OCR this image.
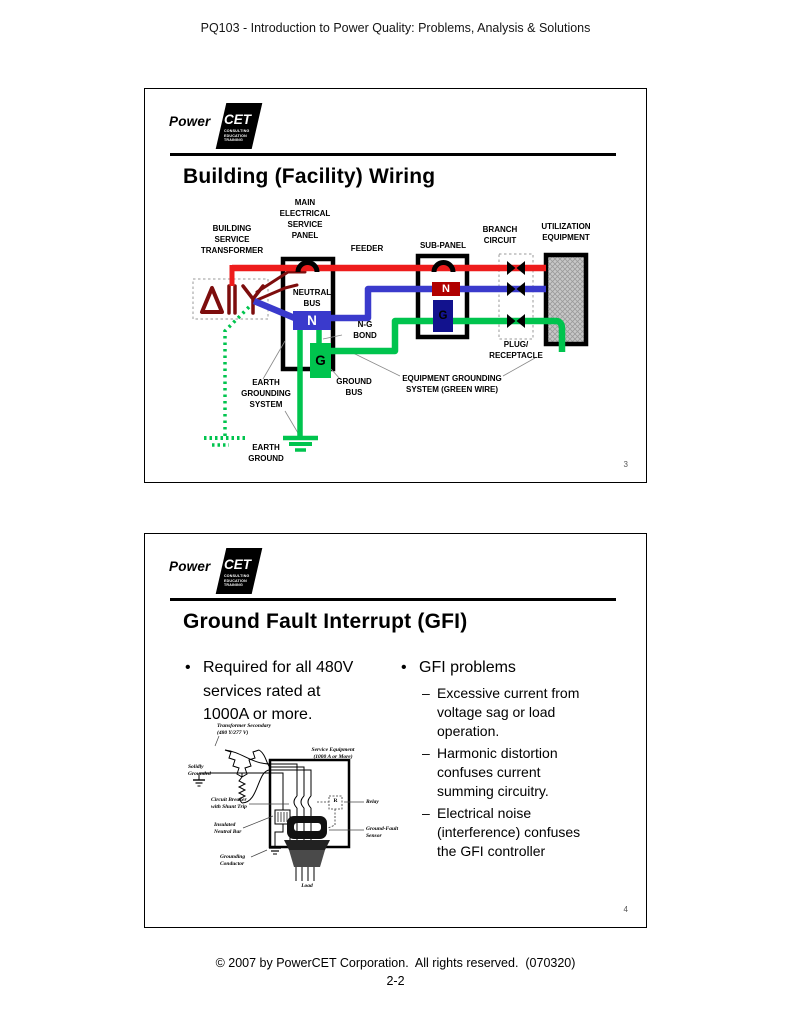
PQ103 - Introduction to Power Quality: Problems, Analysis & Solutions
Power CET ®
CONSULTING
EDUCATION
TRAINING
Building (Facility) Wiring
BUILDING
SERVICE
TRANSFORMER
MAIN
ELECTRICAL
SERVICE
PANEL
FEEDER	SUB-PANEL
BRANCH
CIRCUIT
UTILIZATION
EQUIPMENT
NEUTRAL
BUS
N-G
BOND
GROUND
BUS
EARTH
GROUNDING
SYSTEM
EARTH
GROUND
EQUIPMENT GROUNDING
SYSTEM (GREEN WIRE)
PLUG/
RECEPTACLE
N
G
N
G
3
Power CET ®
CONSULTING
EDUCATION
TRAINING
Ground Fault Interrupt (GFI)
• Required for all 480V
services rated at
1000A or more.
• GFI problems
– Excessive current from
voltage sag or load
operation.
– Harmonic distortion
confuses current
summing circuitry.
– Electrical noise
(interference) confuses
the GFI controller
Transformer Secondary
(480 Y/277 V)
Service Equipment
(1000 A or More)
Solidly
Grounded
Circuit Breaker
with Shunt Trip
Insulated
Neutral Bar
Grounding
Conductor
Relay
Ground-Fault
Sensor
Load
R
4
© 2007 by PowerCET Corporation.  All rights reserved.  (070320)
2-2
